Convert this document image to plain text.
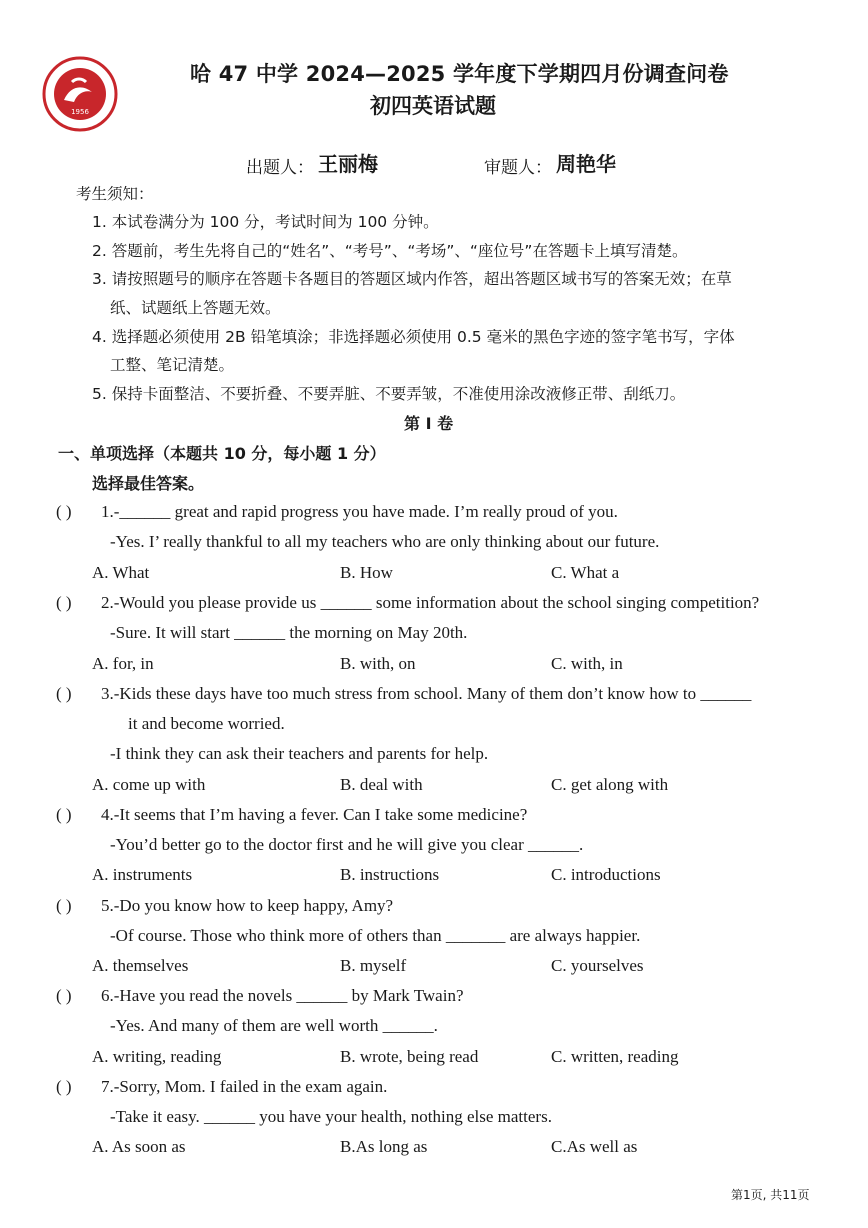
1956
哈 47 中学 2024—2025 学年度下学期四月份调查问卷
初四英语试题
出题人： 王丽梅	审题人： 周艳华
考生须知：
1. 本试卷满分为 100 分，考试时间为 100 分钟。
2. 答题前，考生先将自己的“姓名”、“考号”、“考场”、“座位号”在答题卡上填写清楚。
3. 请按照题号的顺序在答题卡各题目的答题区域内作答，超出答题区域书写的答案无效；在草
纸、试题纸上答题无效。
4. 选择题必须使用 2B 铅笔填涂；非选择题必须使用 0.5 毫米的黑色字迹的签字笔书写，字体
工整、笔记清楚。
5. 保持卡面整洁、不要折叠、不要弄脏、不要弄皱，不准使用涂改液修正带、刮纸刀。
第 Ⅰ 卷
一、单项选择（本题共 10 分，每小题 1 分）
选择最佳答案。
( ) 1.-______ great and rapid progress you have made. I’m really proud of you.
-Yes. I’ really thankful to all my teachers who are only thinking about our future.
A. What	B. How	C. What a
( ) 2.-Would you please provide us ______ some information about the school singing competition?
-Sure. It will start ______ the morning on May 20th.
A. for, in	B. with, on	C. with, in
( ) 3.-Kids these days have too much stress from school. Many of them don’t know how to ______
it and become worried.
-I think they can ask their teachers and parents for help.
A. come up with	B. deal with	C. get along with
( ) 4.-It seems that I’m having a fever. Can I take some medicine?
-You’d better go to the doctor first and he will give you clear ______.
A. instruments	B. instructions	C. introductions
( ) 5.-Do you know how to keep happy, Amy?
-Of course. Those who think more of others than _______ are always happier.
A. themselves	B. myself	C. yourselves
( ) 6.-Have you read the novels ______ by Mark Twain?
-Yes. And many of them are well worth ______.
A. writing, reading	B. wrote, being read	C. written, reading
( ) 7.-Sorry, Mom. I failed in the exam again.
-Take it easy. ______ you have your health, nothing else matters.
A. As soon as	B.As long as	C.As well as
第1页, 共11页
